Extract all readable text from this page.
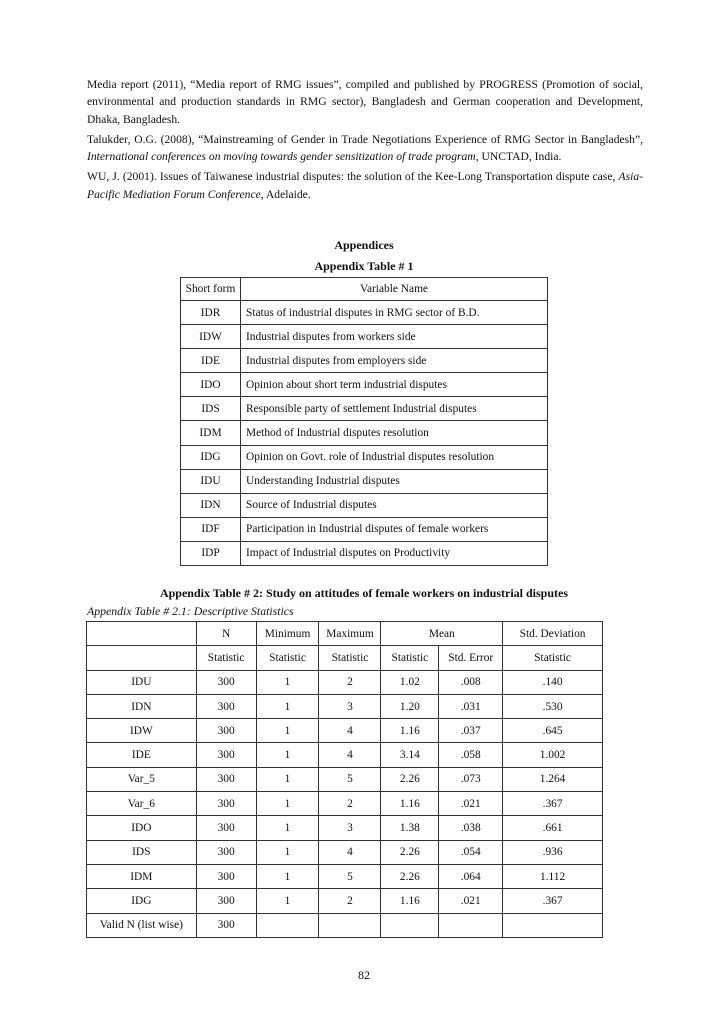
Media report (2011), “Media report of RMG issues”, compiled and published by PROGRESS (Promotion of social, environmental and production standards in RMG sector), Bangladesh and German cooperation and Development, Dhaka, Bangladesh.

Talukder, O.G. (2008), “Mainstreaming of Gender in Trade Negotiations Experience of RMG Sector in Bangladesh”, International conferences on moving towards gender sensitization of trade program, UNCTAD, India.

WU, J. (2001). Issues of Taiwanese industrial disputes: the solution of the Kee-Long Transportation dispute case, Asia-Pacific Mediation Forum Conference, Adelaide.

Appendices
Appendix Table # 1
Short form	Variable Name
IDR	Status of industrial disputes in RMG sector of B.D.
IDW	Industrial disputes from workers side
IDE	Industrial disputes from employers side
IDO	Opinion about short term industrial disputes
IDS	Responsible party of settlement Industrial disputes
IDM	Method of Industrial disputes resolution
IDG	Opinion on Govt. role of Industrial disputes resolution
IDU	Understanding Industrial disputes
IDN	Source of Industrial disputes
IDF	Participation in Industrial disputes of female workers
IDP	Impact of Industrial disputes on Productivity
Appendix Table # 2: Study on attitudes of female workers on industrial disputes
Appendix Table # 2.1: Descriptive Statistics
	N	Minimum	Maximum	Mean		Std. Deviation
	Statistic	Statistic	Statistic	Statistic	Std. Error	Statistic
IDU	300	1	2	1.02	.008	.140
IDN	300	1	3	1.20	.031	.530
IDW	300	1	4	1.16	.037	.645
IDE	300	1	4	3.14	.058	1.002
Var_5	300	1	5	2.26	.073	1.264
Var_6	300	1	2	1.16	.021	.367
IDO	300	1	3	1.38	.038	.661
IDS	300	1	4	2.26	.054	.936
IDM	300	1	5	2.26	.064	1.112
IDG	300	1	2	1.16	.021	.367
Valid N (list wise)	300					
82
